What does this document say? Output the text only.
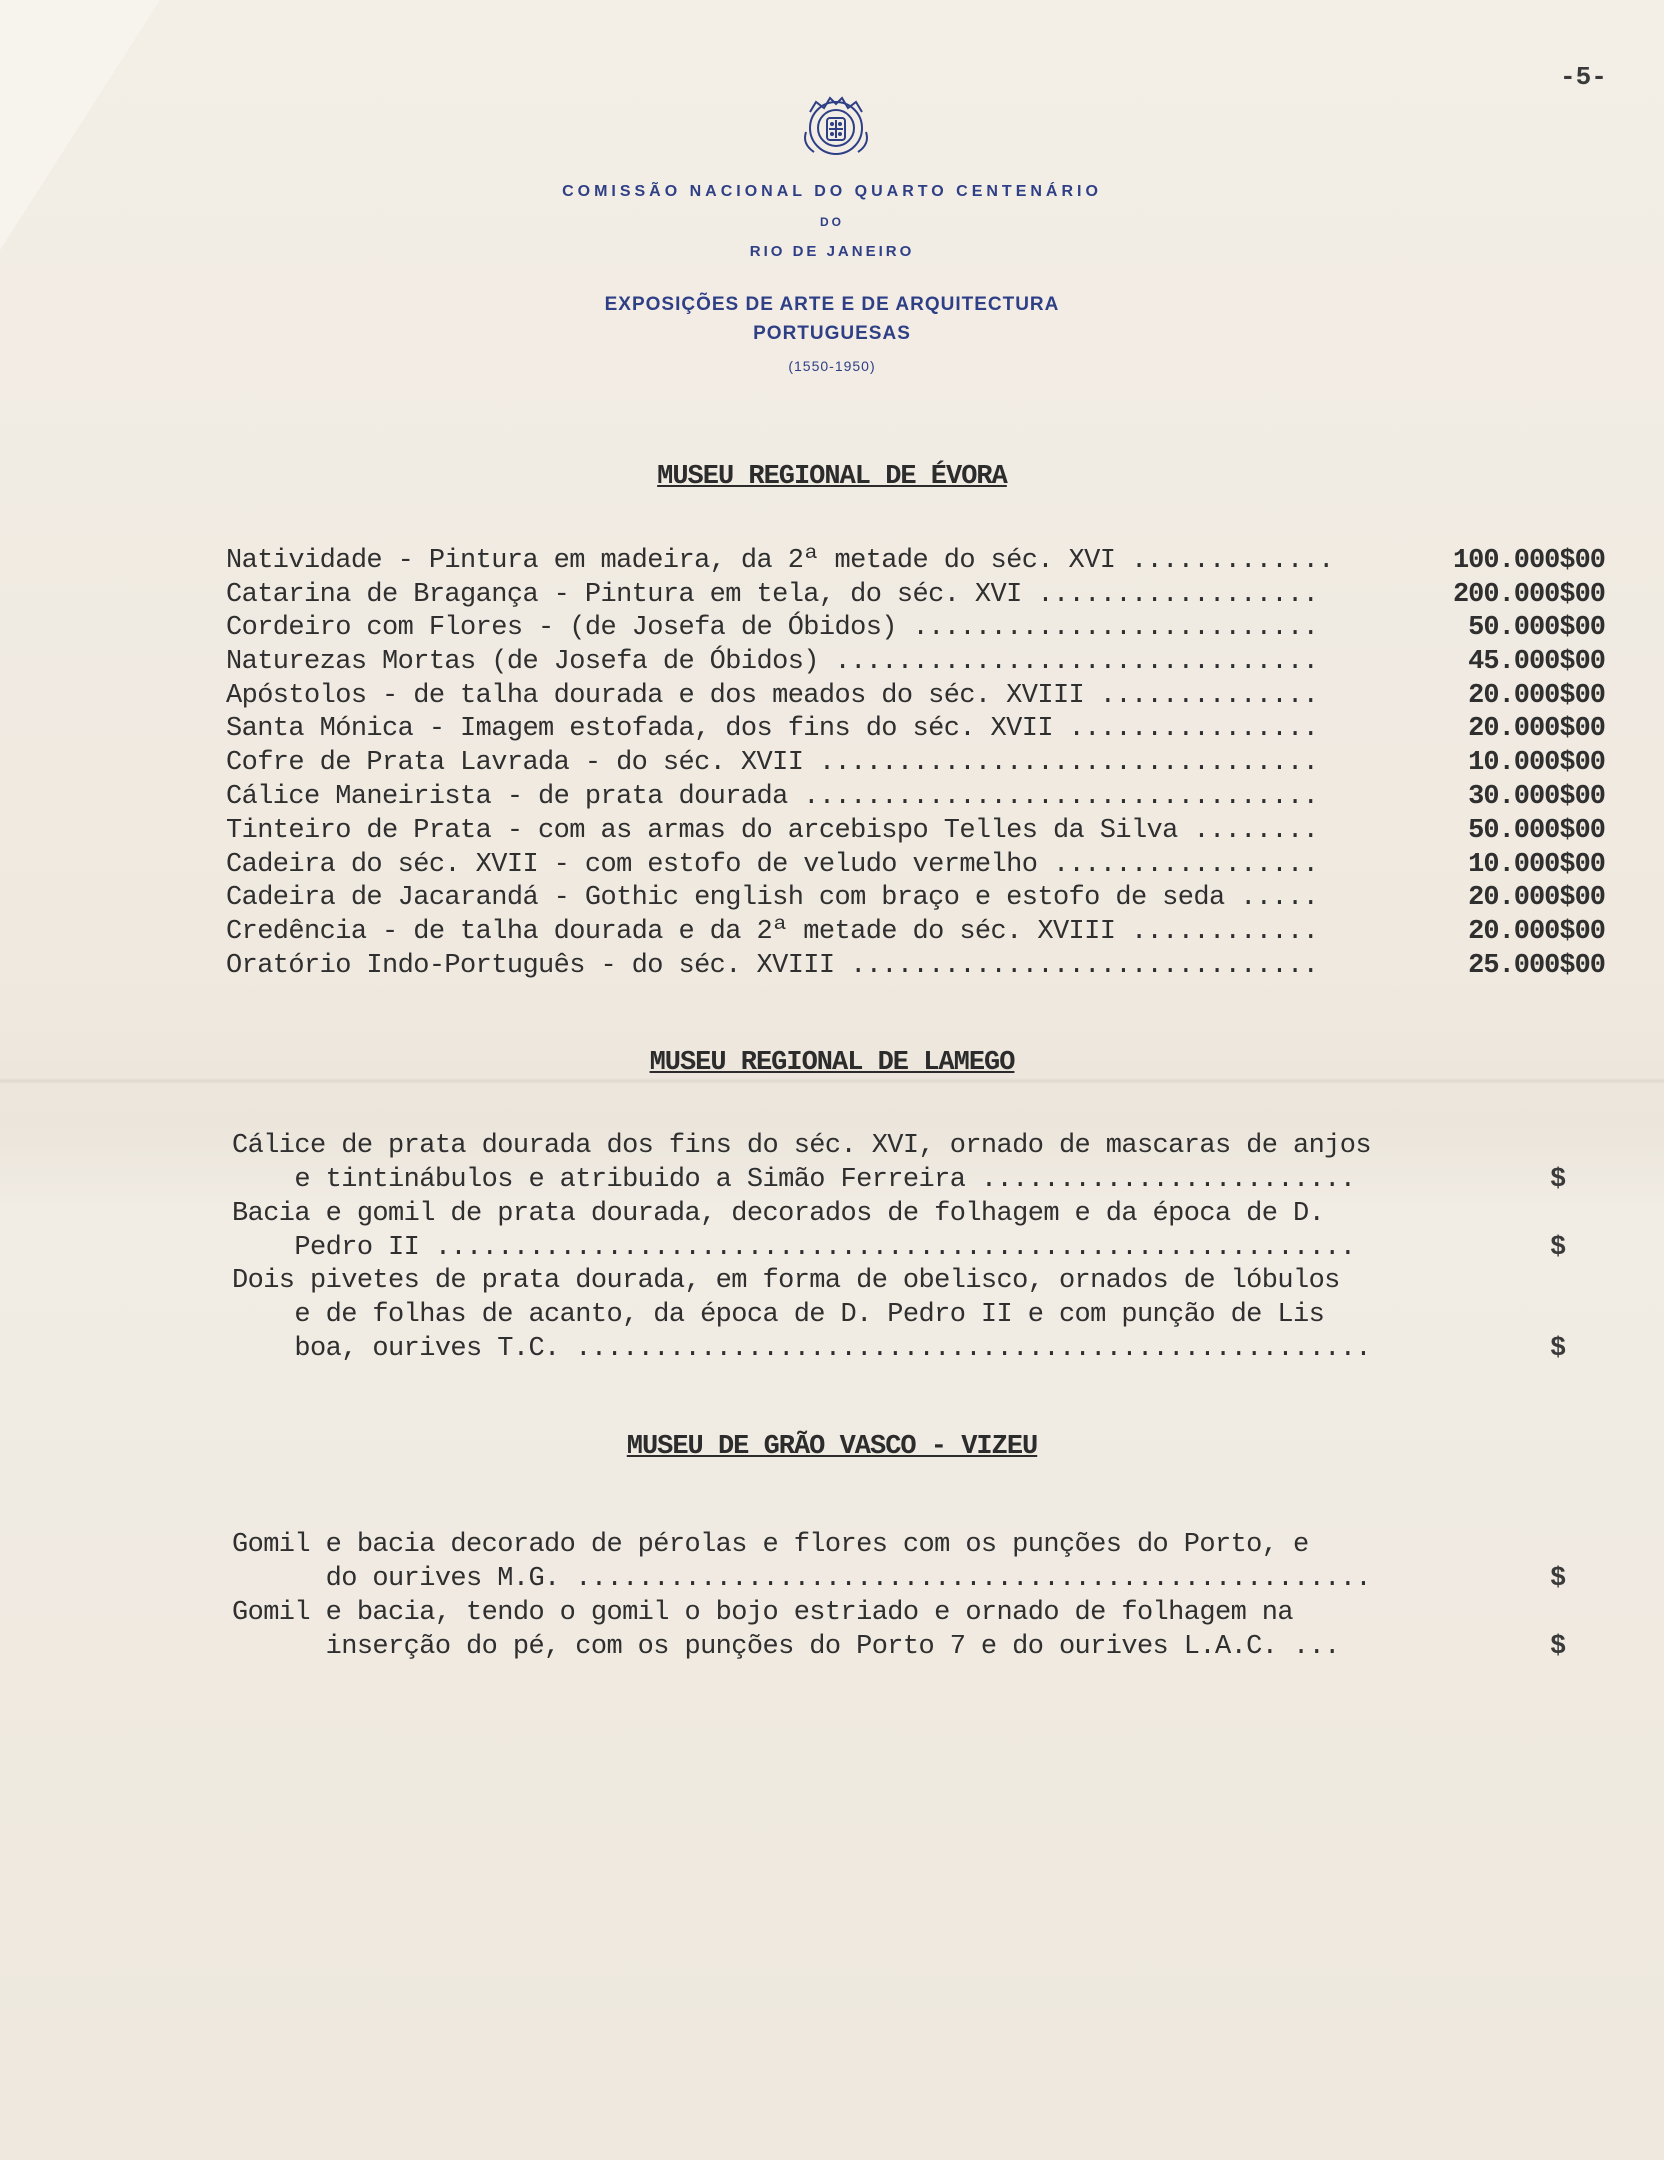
-5-
COMISSÃO NACIONAL DO QUARTO CENTENÁRIO
DO
RIO DE JANEIRO
EXPOSIÇÕES DE ARTE E DE ARQUITECTURA
PORTUGUESAS
(1550-1950)
MUSEU REGIONAL DE ÉVORA
Natividade - Pintura em madeira, da 2ª metade do séc. XVI .............	100.000$00
Catarina de Bragança - Pintura em tela, do séc. XVI ..................	200.000$00
Cordeiro com Flores - (de Josefa de Óbidos) ..........................	50.000$00
Naturezas Mortas (de Josefa de Óbidos) ...............................	45.000$00
Apóstolos - de talha dourada e dos meados do séc. XVIII ..............	20.000$00
Santa Mónica - Imagem estofada, dos fins do séc. XVII ................	20.000$00
Cofre de Prata Lavrada - do séc. XVII ................................	10.000$00
Cálice Maneirista - de prata dourada .................................	30.000$00
Tinteiro de Prata - com as armas do arcebispo Telles da Silva ........	50.000$00
Cadeira do séc. XVII - com estofo de veludo vermelho .................	10.000$00
Cadeira de Jacarandá - Gothic english com braço e estofo de seda .....	20.000$00
Credência - de talha dourada e da 2ª metade do séc. XVIII ............	20.000$00
Oratório Indo-Português - do séc. XVIII ..............................	25.000$00
MUSEU REGIONAL DE LAMEGO
Cálice de prata dourada dos fins do séc. XVI, ornado de mascaras de anjos
e tintinábulos e atribuido a Simão Ferreira ........................	$
Bacia e gomil de prata dourada, decorados de folhagem e da época de D.
Pedro II ...........................................................	$
Dois pivetes de prata dourada, em forma de obelisco, ornados de lóbulos
e de folhas de acanto, da época de D. Pedro II e com punção de Lis
boa, ourives T.C. ...................................................	$
MUSEU DE GRÃO VASCO - VIZEU
Gomil e bacia decorado de pérolas e flores com os punções do Porto, e
do ourives M.G. ...................................................	$
Gomil e bacia, tendo o gomil o bojo estriado e ornado de folhagem na
inserção do pé, com os punções do Porto 7 e do ourives L.A.C. ...	$
